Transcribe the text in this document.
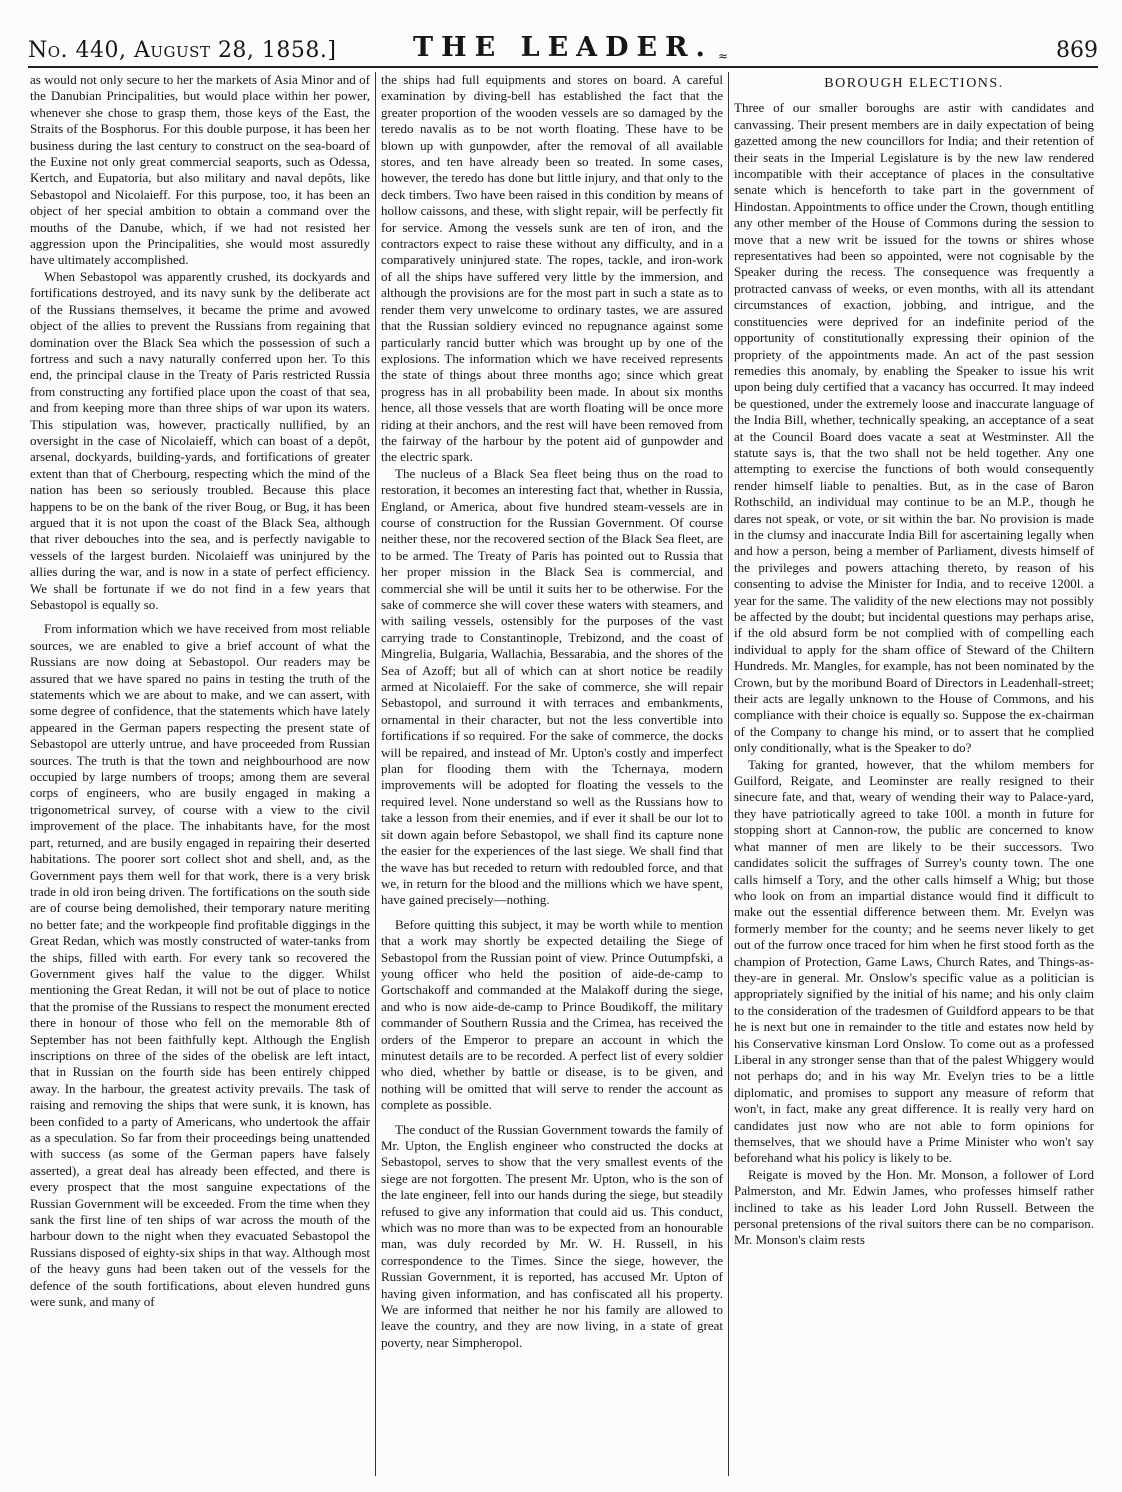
No. 440, August 28, 1858.]	THE LEADER. ≈	869

as would not only secure to her the markets of Asia Minor and of the Danubian Principalities, but would place within her power, whenever she chose to grasp them, those keys of the East, the Straits of the Bosphorus. For this double purpose, it has been her business during the last century to construct on the sea-board of the Euxine not only great commercial seaports, such as Odessa, Kertch, and Eupatoria, but also military and naval depôts, like Sebastopol and Nicolaieff. For this purpose, too, it has been an object of her special ambition to obtain a command over the mouths of the Danube, which, if we had not resisted her aggression upon the Principalities, she would most assuredly have ultimately accomplished.

When Sebastopol was apparently crushed, its dockyards and fortifications destroyed, and its navy sunk by the deliberate act of the Russians themselves, it became the prime and avowed object of the allies to prevent the Russians from regaining that domination over the Black Sea which the possession of such a fortress and such a navy naturally conferred upon her. To this end, the principal clause in the Treaty of Paris restricted Russia from constructing any fortified place upon the coast of that sea, and from keeping more than three ships of war upon its waters. This stipulation was, however, practically nullified, by an oversight in the case of Nicolaieff, which can boast of a depôt, arsenal, dockyards, building-yards, and fortifications of greater extent than that of Cherbourg, respecting which the mind of the nation has been so seriously troubled. Because this place happens to be on the bank of the river Boug, or Bug, it has been argued that it is not upon the coast of the Black Sea, although that river debouches into the sea, and is perfectly navigable to vessels of the largest burden. Nicolaieff was uninjured by the allies during the war, and is now in a state of perfect efficiency. We shall be fortunate if we do not find in a few years that Sebastopol is equally so.

From information which we have received from most reliable sources, we are enabled to give a brief account of what the Russians are now doing at Sebastopol. Our readers may be assured that we have spared no pains in testing the truth of the statements which we are about to make, and we can assert, with some degree of confidence, that the statements which have lately appeared in the German papers respecting the present state of Sebastopol are utterly untrue, and have proceeded from Russian sources. The truth is that the town and neighbourhood are now occupied by large numbers of troops; among them are several corps of engineers, who are busily engaged in making a trigonometrical survey, of course with a view to the civil improvement of the place. The inhabitants have, for the most part, returned, and are busily engaged in repairing their deserted habitations. The poorer sort collect shot and shell, and, as the Government pays them well for that work, there is a very brisk trade in old iron being driven. The fortifications on the south side are of course being demolished, their temporary nature meriting no better fate; and the workpeople find profitable diggings in the Great Redan, which was mostly constructed of water-tanks from the ships, filled with earth. For every tank so recovered the Government gives half the value to the digger. Whilst mentioning the Great Redan, it will not be out of place to notice that the promise of the Russians to respect the monument erected there in honour of those who fell on the memorable 8th of September has not been faithfully kept. Although the English inscriptions on three of the sides of the obelisk are left intact, that in Russian on the fourth side has been entirely chipped away. In the harbour, the greatest activity prevails. The task of raising and removing the ships that were sunk, it is known, has been confided to a party of Americans, who undertook the affair as a speculation. So far from their proceedings being unattended with success (as some of the German papers have falsely asserted), a great deal has already been effected, and there is every prospect that the most sanguine expectations of the Russian Government will be exceeded. From the time when they sank the first line of ten ships of war across the mouth of the harbour down to the night when they evacuated Sebastopol the Russians disposed of eighty-six ships in that way. Although most of the heavy guns had been taken out of the vessels for the defence of the south fortifications, about eleven hundred guns were sunk, and many of

the ships had full equipments and stores on board. A careful examination by diving-bell has established the fact that the greater proportion of the wooden vessels are so damaged by the teredo navalis as to be not worth floating. These have to be blown up with gunpowder, after the removal of all available stores, and ten have already been so treated. In some cases, however, the teredo has done but little injury, and that only to the deck timbers. Two have been raised in this condition by means of hollow caissons, and these, with slight repair, will be perfectly fit for service. Among the vessels sunk are ten of iron, and the contractors expect to raise these without any difficulty, and in a comparatively uninjured state. The ropes, tackle, and iron-work of all the ships have suffered very little by the immersion, and although the provisions are for the most part in such a state as to render them very unwelcome to ordinary tastes, we are assured that the Russian soldiery evinced no repugnance against some particularly rancid butter which was brought up by one of the explosions. The information which we have received represents the state of things about three months ago; since which great progress has in all probability been made. In about six months hence, all those vessels that are worth floating will be once more riding at their anchors, and the rest will have been removed from the fairway of the harbour by the potent aid of gunpowder and the electric spark.

The nucleus of a Black Sea fleet being thus on the road to restoration, it becomes an interesting fact that, whether in Russia, England, or America, about five hundred steam-vessels are in course of construction for the Russian Government. Of course neither these, nor the recovered section of the Black Sea fleet, are to be armed. The Treaty of Paris has pointed out to Russia that her proper mission in the Black Sea is commercial, and commercial she will be until it suits her to be otherwise. For the sake of commerce she will cover these waters with steamers, and with sailing vessels, ostensibly for the purposes of the vast carrying trade to Constantinople, Trebizond, and the coast of Mingrelia, Bulgaria, Wallachia, Bessarabia, and the shores of the Sea of Azoff; but all of which can at short notice be readily armed at Nicolaieff. For the sake of commerce, she will repair Sebastopol, and surround it with terraces and embankments, ornamental in their character, but not the less convertible into fortifications if so required. For the sake of commerce, the docks will be repaired, and instead of Mr. Upton's costly and imperfect plan for flooding them with the Tchernaya, modern improvements will be adopted for floating the vessels to the required level. None understand so well as the Russians how to take a lesson from their enemies, and if ever it shall be our lot to sit down again before Sebastopol, we shall find its capture none the easier for the experiences of the last siege. We shall find that the wave has but receded to return with redoubled force, and that we, in return for the blood and the millions which we have spent, have gained precisely—nothing.

Before quitting this subject, it may be worth while to mention that a work may shortly be expected detailing the Siege of Sebastopol from the Russian point of view. Prince Outumpfski, a young officer who held the position of aide-de-camp to Gortschakoff and commanded at the Malakoff during the siege, and who is now aide-de-camp to Prince Boudikoff, the military commander of Southern Russia and the Crimea, has received the orders of the Emperor to prepare an account in which the minutest details are to be recorded. A perfect list of every soldier who died, whether by battle or disease, is to be given, and nothing will be omitted that will serve to render the account as complete as possible.

The conduct of the Russian Government towards the family of Mr. Upton, the English engineer who constructed the docks at Sebastopol, serves to show that the very smallest events of the siege are not forgotten. The present Mr. Upton, who is the son of the late engineer, fell into our hands during the siege, but steadily refused to give any information that could aid us. This conduct, which was no more than was to be expected from an honourable man, was duly recorded by Mr. W. H. Russell, in his correspondence to the Times. Since the siege, however, the Russian Government, it is reported, has accused Mr. Upton of having given information, and has confiscated all his property. We are informed that neither he nor his family are allowed to leave the country, and they are now living, in a state of great poverty, near Simpheropol.

BOROUGH ELECTIONS.

Three of our smaller boroughs are astir with candidates and canvassing. Their present members are in daily expectation of being gazetted among the new councillors for India; and their retention of their seats in the Imperial Legislature is by the new law rendered incompatible with their acceptance of places in the consultative senate which is henceforth to take part in the government of Hindostan. Appointments to office under the Crown, though entitling any other member of the House of Commons during the session to move that a new writ be issued for the towns or shires whose representatives had been so appointed, were not cognisable by the Speaker during the recess. The consequence was frequently a protracted canvass of weeks, or even months, with all its attendant circumstances of exaction, jobbing, and intrigue, and the constituencies were deprived for an indefinite period of the opportunity of constitutionally expressing their opinion of the propriety of the appointments made. An act of the past session remedies this anomaly, by enabling the Speaker to issue his writ upon being duly certified that a vacancy has occurred. It may indeed be questioned, under the extremely loose and inaccurate language of the India Bill, whether, technically speaking, an acceptance of a seat at the Council Board does vacate a seat at Westminster. All the statute says is, that the two shall not be held together. Any one attempting to exercise the functions of both would consequently render himself liable to penalties. But, as in the case of Baron Rothschild, an individual may continue to be an M.P., though he dares not speak, or vote, or sit within the bar. No provision is made in the clumsy and inaccurate India Bill for ascertaining legally when and how a person, being a member of Parliament, divests himself of the privileges and powers attaching thereto, by reason of his consenting to advise the Minister for India, and to receive 1200l. a year for the same. The validity of the new elections may not possibly be affected by the doubt; but incidental questions may perhaps arise, if the old absurd form be not complied with of compelling each individual to apply for the sham office of Steward of the Chiltern Hundreds. Mr. Mangles, for example, has not been nominated by the Crown, but by the moribund Board of Directors in Leadenhall-street; their acts are legally unknown to the House of Commons, and his compliance with their choice is equally so. Suppose the ex-chairman of the Company to change his mind, or to assert that he complied only conditionally, what is the Speaker to do?

Taking for granted, however, that the whilom members for Guilford, Reigate, and Leominster are really resigned to their sinecure fate, and that, weary of wending their way to Palace-yard, they have patriotically agreed to take 100l. a month in future for stopping short at Cannon-row, the public are concerned to know what manner of men are likely to be their successors. Two candidates solicit the suffrages of Surrey's county town. The one calls himself a Tory, and the other calls himself a Whig; but those who look on from an impartial distance would find it difficult to make out the essential difference between them. Mr. Evelyn was formerly member for the county; and he seems never likely to get out of the furrow once traced for him when he first stood forth as the champion of Protection, Game Laws, Church Rates, and Things-as-they-are in general. Mr. Onslow's specific value as a politician is appropriately signified by the initial of his name; and his only claim to the consideration of the tradesmen of Guildford appears to be that he is next but one in remainder to the title and estates now held by his Conservative kinsman Lord Onslow. To come out as a professed Liberal in any stronger sense than that of the palest Whiggery would not perhaps do; and in his way Mr. Evelyn tries to be a little diplomatic, and promises to support any measure of reform that won't, in fact, make any great difference. It is really very hard on candidates just now who are not able to form opinions for themselves, that we should have a Prime Minister who won't say beforehand what his policy is likely to be.

Reigate is moved by the Hon. Mr. Monson, a follower of Lord Palmerston, and Mr. Edwin James, who professes himself rather inclined to take as his leader Lord John Russell. Between the personal pretensions of the rival suitors there can be no comparison. Mr. Monson's claim rests
